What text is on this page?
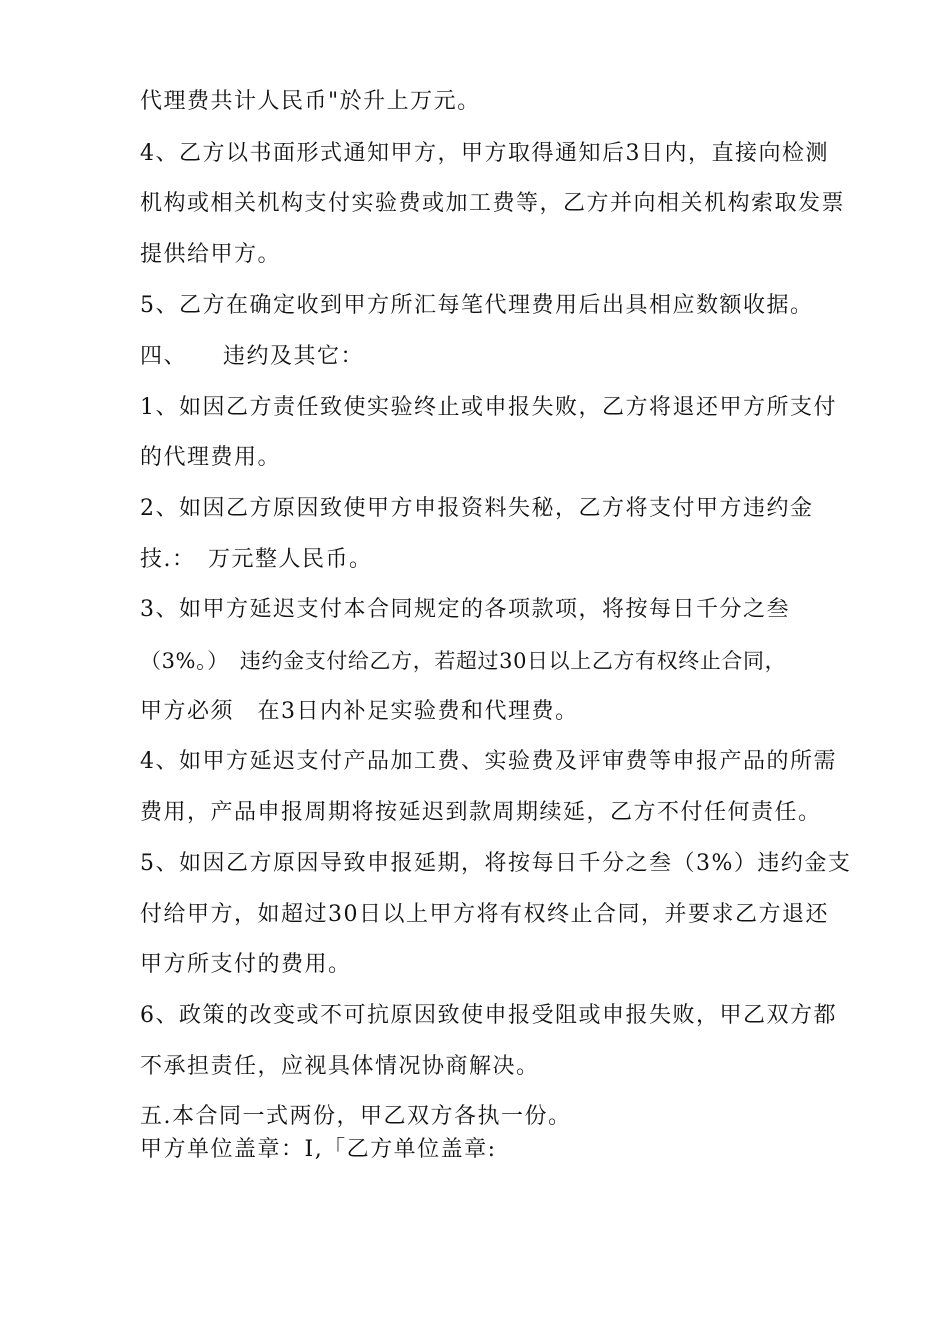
代理费共计人民币"於升上万元。
4、乙方以书面形式通知甲方，甲方取得通知后3日内，直接向检测
机构或相关机构支付实验费或加工费等，乙方并向相关机构索取发票
提供给甲方。
5、乙方在确定收到甲方所汇每笔代理费用后出具相应数额收据。
四、　　违约及其它：
1、如因乙方责任致使实验终止或申报失败，乙方将退还甲方所支付
的代理费用。
2、如因乙方原因致使甲方申报资料失秘，乙方将支付甲方违约金
技.：　万元整人民币。
3、如甲方延迟支付本合同规定的各项款项，将按每日千分之叁
（3%。）　违约金支付给乙方，若超过30日以上乙方有权终止合同，
甲方必须　在3日内补足实验费和代理费。
4、如甲方延迟支付产品加工费、实验费及评审费等申报产品的所需
费用，产品申报周期将按延迟到款周期续延，乙方不付任何责任。
5、如因乙方原因导致申报延期，将按每日千分之叁（3%）违约金支
付给甲方，如超过30日以上甲方将有权终止合同，并要求乙方退还
甲方所支付的费用。
6、政策的改变或不可抗原因致使申报受阻或申报失败，甲乙双方都
不承担责任，应视具体情况协商解决。
五.本合同一式两份，甲乙双方各执一份。
甲方单位盖章：I,「乙方单位盖章:
